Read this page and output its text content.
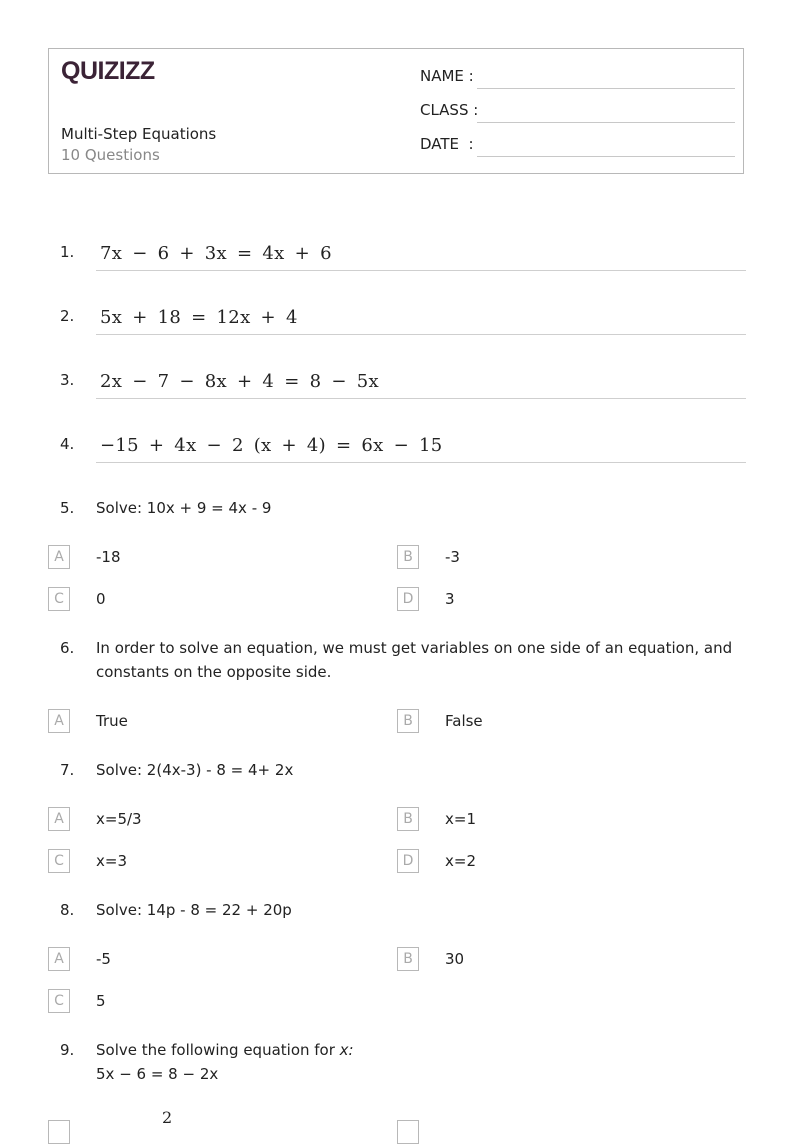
QUIZIZZ
Multi-Step Equations
10 Questions
NAME :
CLASS :
DATE  :
1. 7x − 6 + 3x = 4x + 6
2. 5x + 18 = 12x + 4
3. 2x − 7 − 8x + 4 = 8 − 5x
4. −15 + 4x − 2 (x + 4) = 6x − 15
5. Solve: 10x + 9 = 4x - 9
A	-18	B	-3
C	0	D	3
6. In order to solve an equation, we must get variables on one side of an equation, and constants on the opposite side.
A	True	B	False
7. Solve: 2(4x-3) - 8 = 4+ 2x
A	x=5/3	B	x=1
C	x=3	D	x=2
8. Solve: 14p - 8 = 22 + 20p
A	-5	B	30
C	5
9. Solve the following equation for x:
5x − 6 = 8 − 2x
2
